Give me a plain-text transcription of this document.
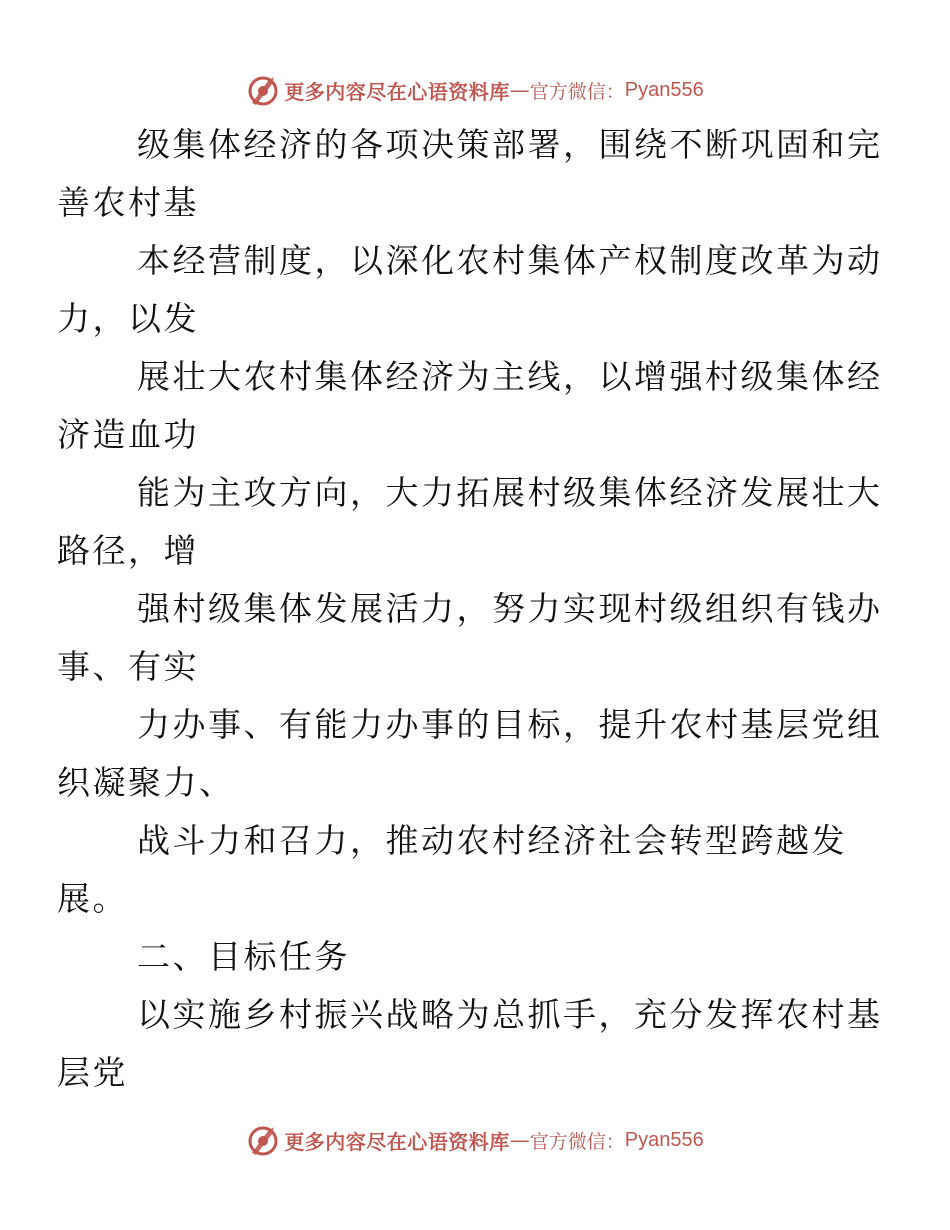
更多内容尽在心语资料库 — 官方微信： Pyan556

级集体经济的各项决策部署，围绕不断巩固和完
善农村基

本经营制度，以深化农村集体产权制度改革为动
力，以发

展壮大农村集体经济为主线，以增强村级集体经
济造血功

能为主攻方向，大力拓展村级集体经济发展壮大
路径，增

强村级集体发展活力，努力实现村级组织有钱办
事、有实

力办事、有能力办事的目标，提升农村基层党组
织凝聚力、

战斗力和召力，推动农村经济社会转型跨越发
展。

二、目标任务

以实施乡村振兴战略为总抓手，充分发挥农村基
层党

更多内容尽在心语资料库 — 官方微信： Pyan556
